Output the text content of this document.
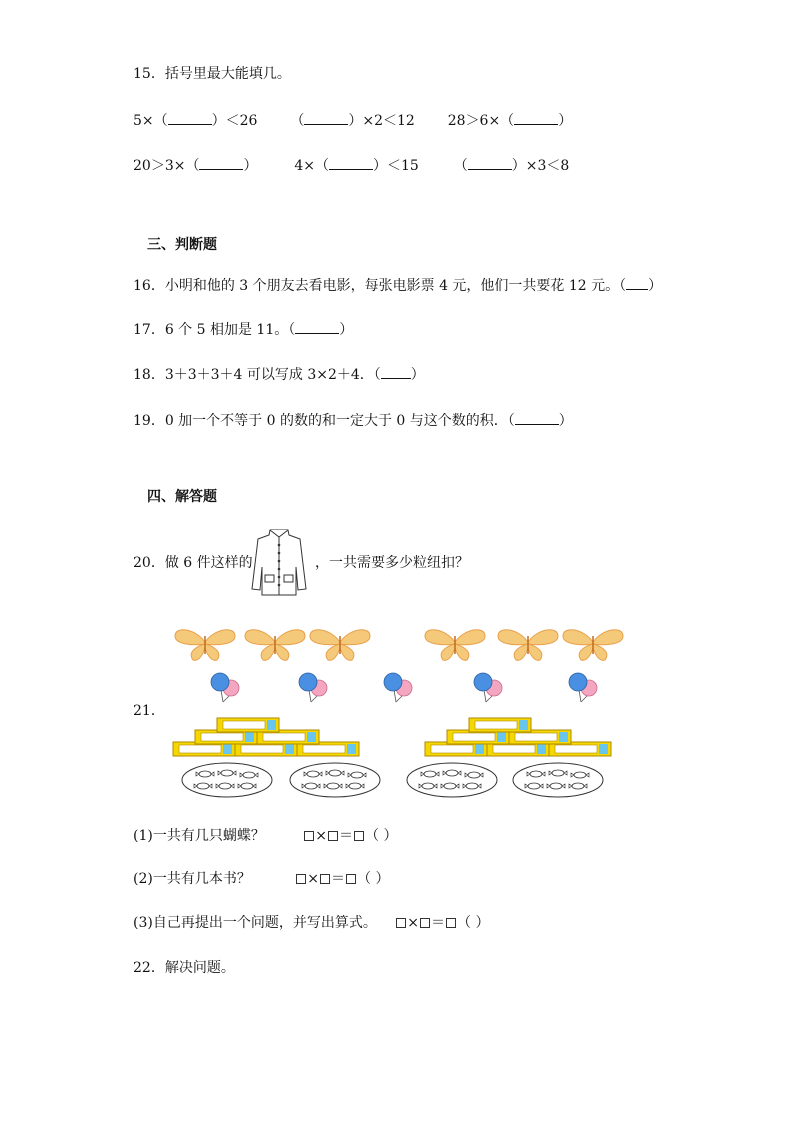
15．括号里最大能填几。
5×（	）＜26 （	）×2＜12 28＞6×（	）
20＞3×（	）	4×（	）＜15 （	）×3＜8
三、判断题
16．小明和他的 3 个朋友去看电影，每张电影票 4 元，他们一共要花 12 元。（ ）
17．6 个 5 相加是 11。（	）
18．3＋3＋3＋4 可以写成 3×2＋4．（ ）
19．0 加一个不等于 0 的数的和一定大于 0 与这个数的积．（	）
四、解答题
20．做 6 件这样的	，一共需要多少粒纽扣？
21．
(1)一共有几只蝴蝶？	× ＝ （ ）
(2)一共有几本书？	× ＝ （ ）
(3)自己再提出一个问题，并写出算式。 × ＝ （ ）
22．解决问题。
